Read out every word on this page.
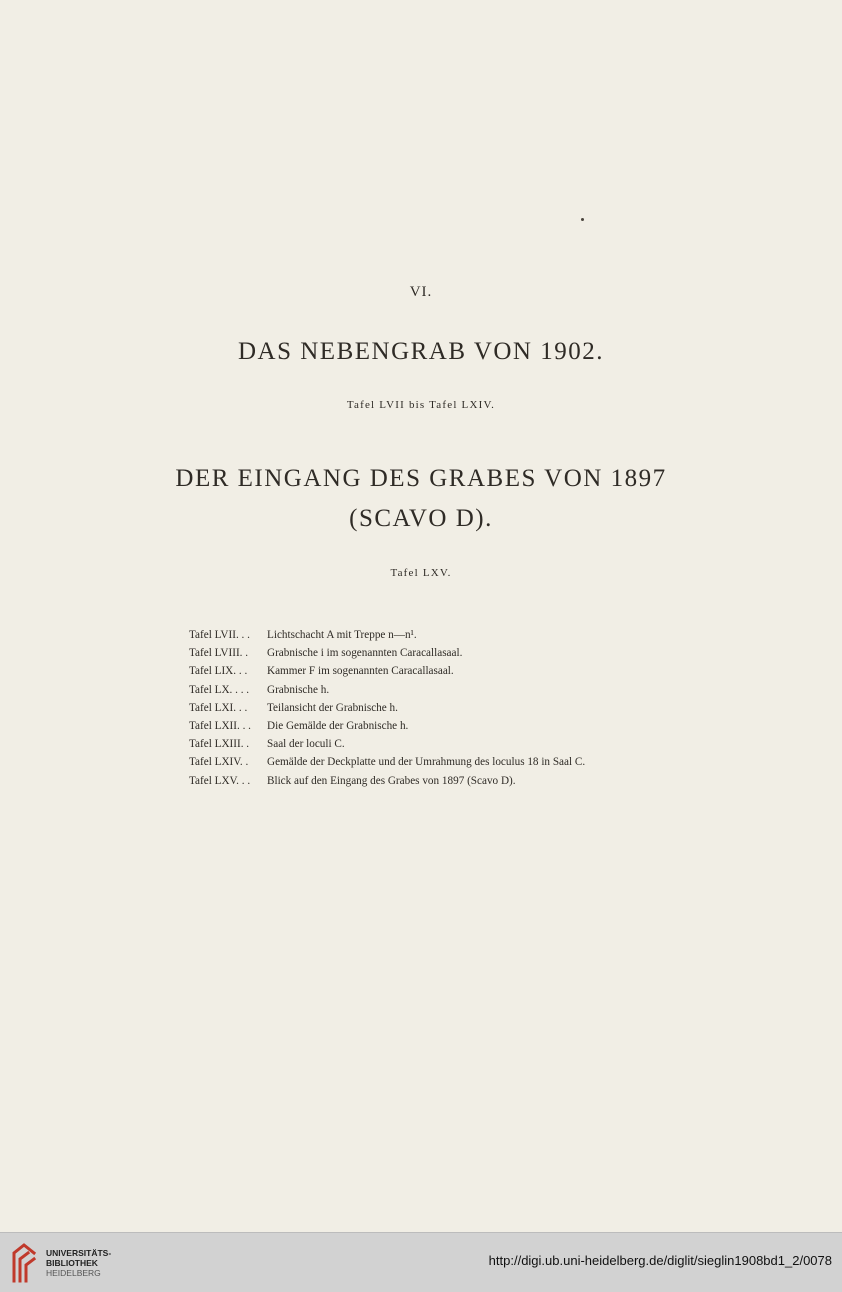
VI.
DAS NEBENGRAB VON 1902.
Tafel LVII bis Tafel LXIV.
DER EINGANG DES GRABES VON 1897
(SCAVO D).
Tafel LXV.
Tafel LVII. . .	Lichtschacht A mit Treppe n—n¹.
Tafel LVIII. .	Grabnische i im sogenannten Caracallasaal.
Tafel LIX. . .	Kammer F im sogenannten Caracallasaal.
Tafel LX. . . .	Grabnische h.
Tafel LXI. . .	Teilansicht der Grabnische h.
Tafel LXII. . .	Die Gemälde der Grabnische h.
Tafel LXIII. .	Saal der loculi C.
Tafel LXIV. .	Gemälde der Deckplatte und der Umrahmung des loculus 18 in Saal C.
Tafel LXV. . .	Blick auf den Eingang des Grabes von 1897 (Scavo D).
UNIVERSITÄTS-
BIBLIOTHEK
HEIDELBERG
http://digi.ub.uni-heidelberg.de/diglit/sieglin1908bd1_2/0078
